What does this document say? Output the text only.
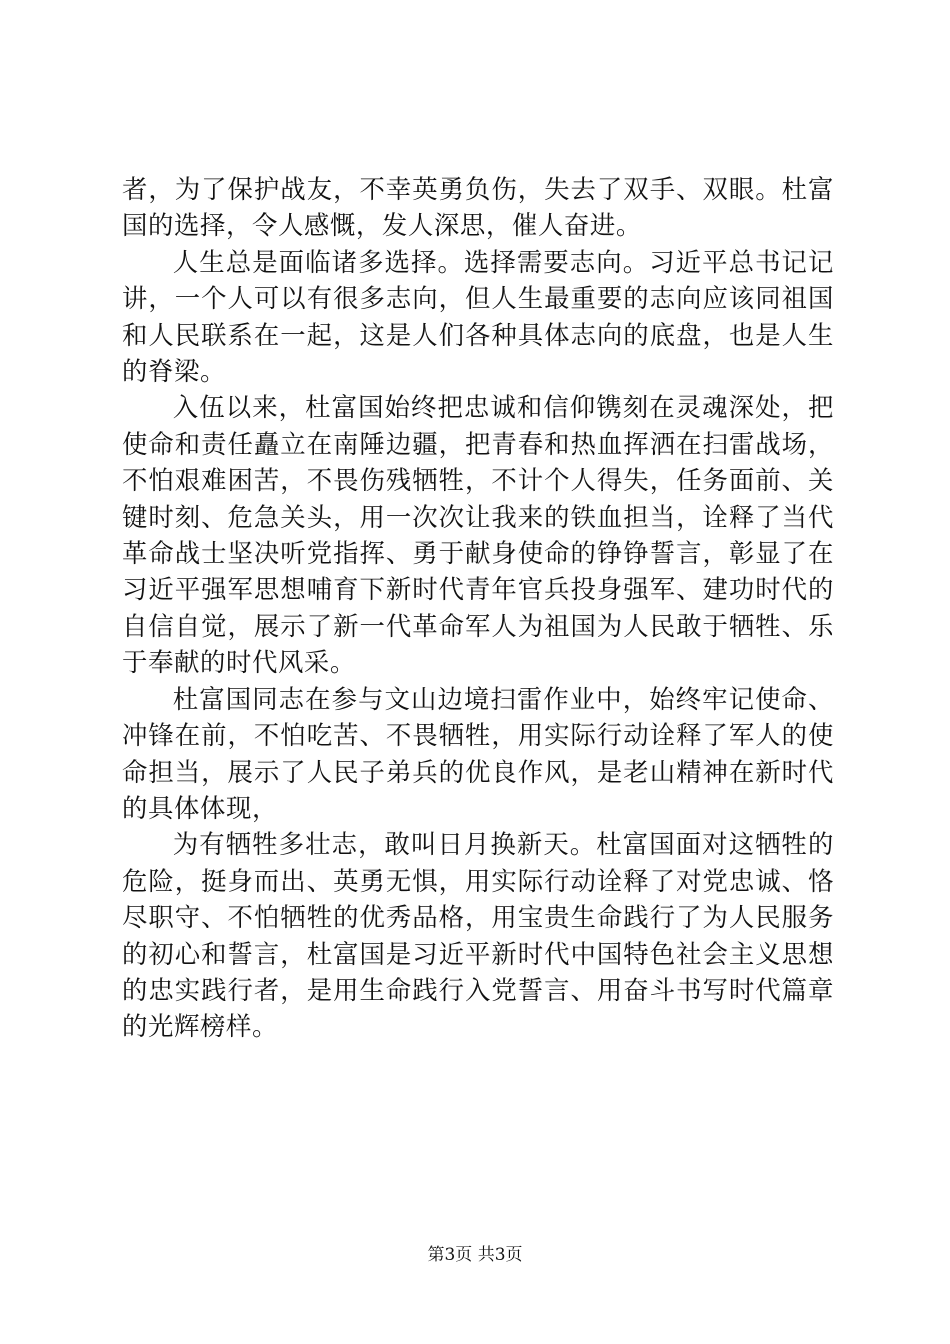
者，为了保护战友，不幸英勇负伤，失去了双手、双眼。杜富国的选择，令人感慨，发人深思，催人奋进。

人生总是面临诸多选择。选择需要志向。习近平总书记记讲，一个人可以有很多志向，但人生最重要的志向应该同祖国和人民联系在一起，这是人们各种具体志向的底盘，也是人生的脊梁。

入伍以来，杜富国始终把忠诚和信仰镌刻在灵魂深处，把使命和责任矗立在南陲边疆，把青春和热血挥洒在扫雷战场，不怕艰难困苦，不畏伤残牺牲，不计个人得失，任务面前、关键时刻、危急关头，用一次次让我来的铁血担当，诠释了当代革命战士坚决听党指挥、勇于献身使命的铮铮誓言，彰显了在习近平强军思想哺育下新时代青年官兵投身强军、建功时代的自信自觉，展示了新一代革命军人为祖国为人民敢于牺牲、乐于奉献的时代风采。

杜富国同志在参与文山边境扫雷作业中，始终牢记使命、冲锋在前，不怕吃苦、不畏牺牲，用实际行动诠释了军人的使命担当，展示了人民子弟兵的优良作风，是老山精神在新时代的具体体现，

为有牺牲多壮志，敢叫日月换新天。杜富国面对这牺牲的危险，挺身而出、英勇无惧，用实际行动诠释了对党忠诚、恪尽职守、不怕牺牲的优秀品格，用宝贵生命践行了为人民服务的初心和誓言，杜富国是习近平新时代中国特色社会主义思想的忠实践行者，是用生命践行入党誓言、用奋斗书写时代篇章的光辉榜样。

第3页 共3页
